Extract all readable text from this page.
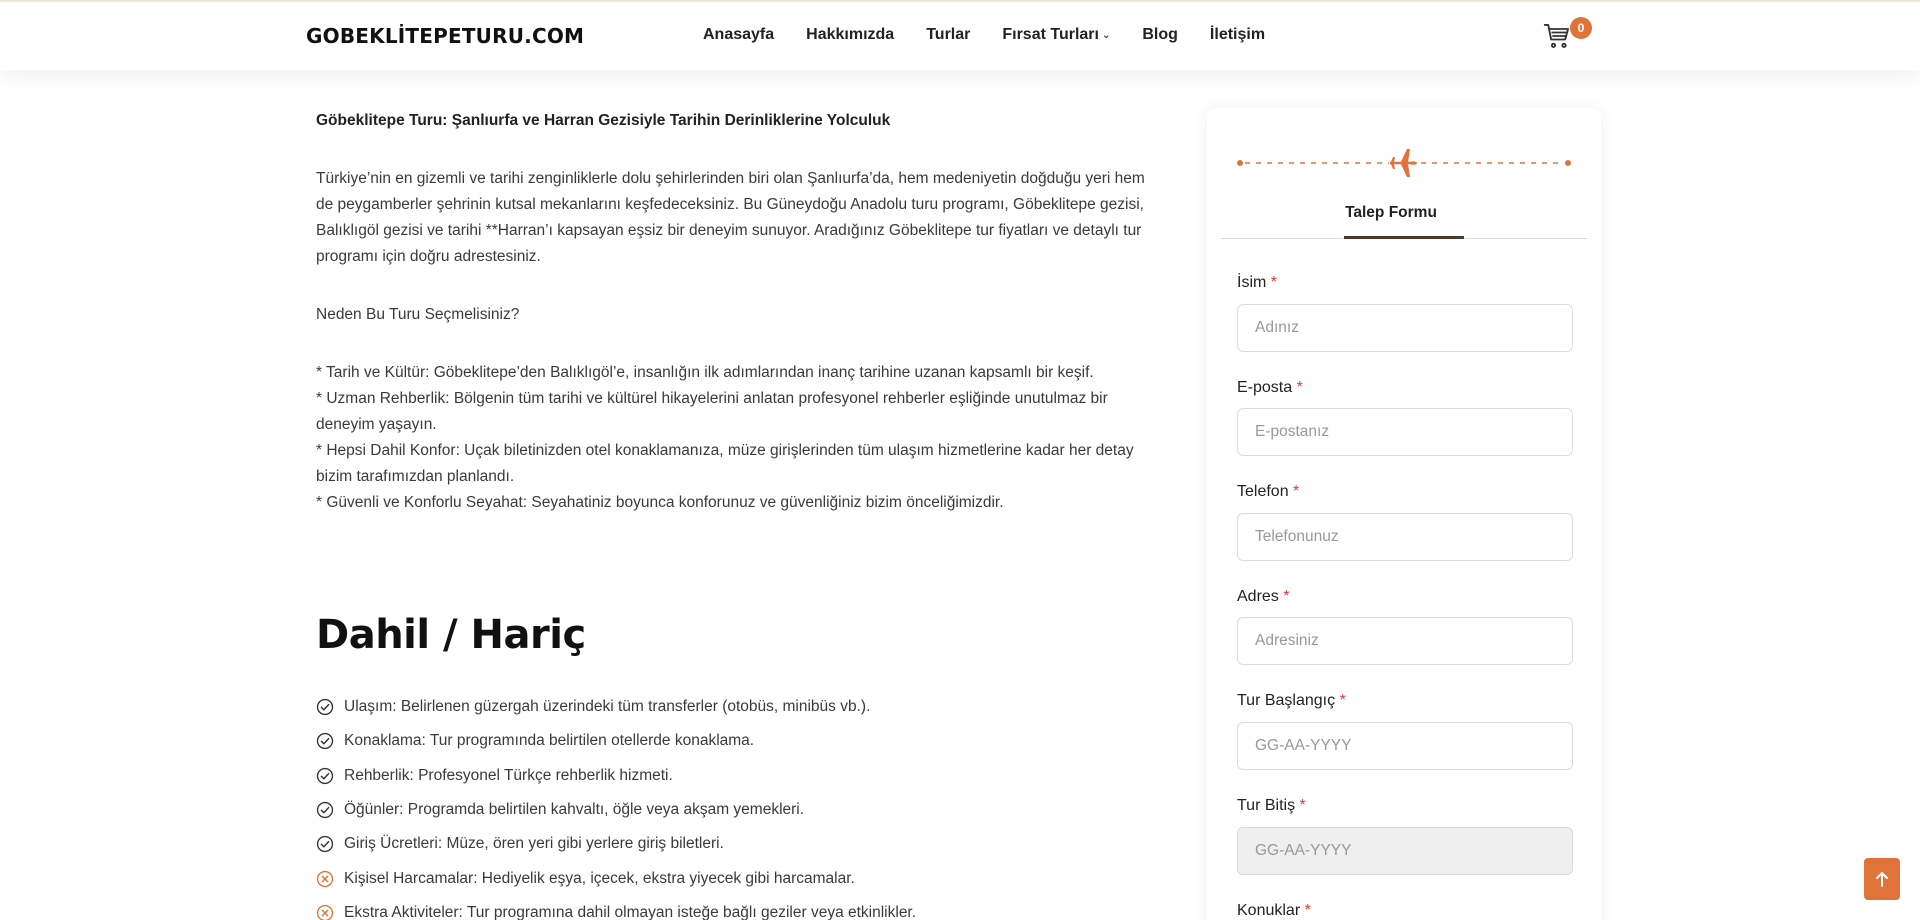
GOBEKLİTEPETURU.COM	Anasayfa Hakkımızda Turlar Fırsat Turları ⌄ Blog İletişim	0
Göbeklitepe Turu: Şanlıurfa ve Harran Gezisiyle Tarihin Derinliklerine Yolculuk

Türkiye’nin en gizemli ve tarihi zenginliklerle dolu şehirlerinden biri olan Şanlıurfa’da, hem medeniyetin doğduğu yeri hem de peygamberler şehrinin kutsal mekanlarını keşfedeceksiniz. Bu Güneydoğu Anadolu turu programı, Göbeklitepe gezisi, Balıklıgöl gezisi ve tarihi **Harran’ı kapsayan eşsiz bir deneyim sunuyor. Aradığınız Göbeklitepe tur fiyatları ve detaylı tur programı için doğru adrestesiniz.

Neden Bu Turu Seçmelisiniz?

* Tarih ve Kültür: Göbeklitepe’den Balıklıgöl’e, insanlığın ilk adımlarından inanç tarihine uzanan kapsamlı bir keşif.
* Uzman Rehberlik: Bölgenin tüm tarihi ve kültürel hikayelerini anlatan profesyonel rehberler eşliğinde unutulmaz bir deneyim yaşayın.
* Hepsi Dahil Konfor: Uçak biletinizden otel konaklamanıza, müze girişlerinden tüm ulaşım hizmetlerine kadar her detay bizim tarafımızdan planlandı.
* Güvenli ve Konforlu Seyahat: Seyahatiniz boyunca konforunuz ve güvenliğiniz bizim önceliğimizdir.
Dahil / Hariç
Ulaşım: Belirlenen güzergah üzerindeki tüm transferler (otobüs, minibüs vb.).
Konaklama: Tur programında belirtilen otellerde konaklama.
Rehberlik: Profesyonel Türkçe rehberlik hizmeti.
Öğünler: Programda belirtilen kahvaltı, öğle veya akşam yemekleri.
Giriş Ücretleri: Müze, ören yeri gibi yerlere giriş biletleri.
Kişisel Harcamalar: Hediyelik eşya, içecek, ekstra yiyecek gibi harcamalar.
Ekstra Aktiviteler: Tur programına dahil olmayan isteğe bağlı geziler veya etkinlikler.
Talep Formu
İsim *
Adınız
E-posta *
E-postanız
Telefon *
Telefonunuz
Adres *
Adresiniz
Tur Başlangıç *
GG-AA-YYYY
Tur Bitiş *
GG-AA-YYYY
Konuklar *
